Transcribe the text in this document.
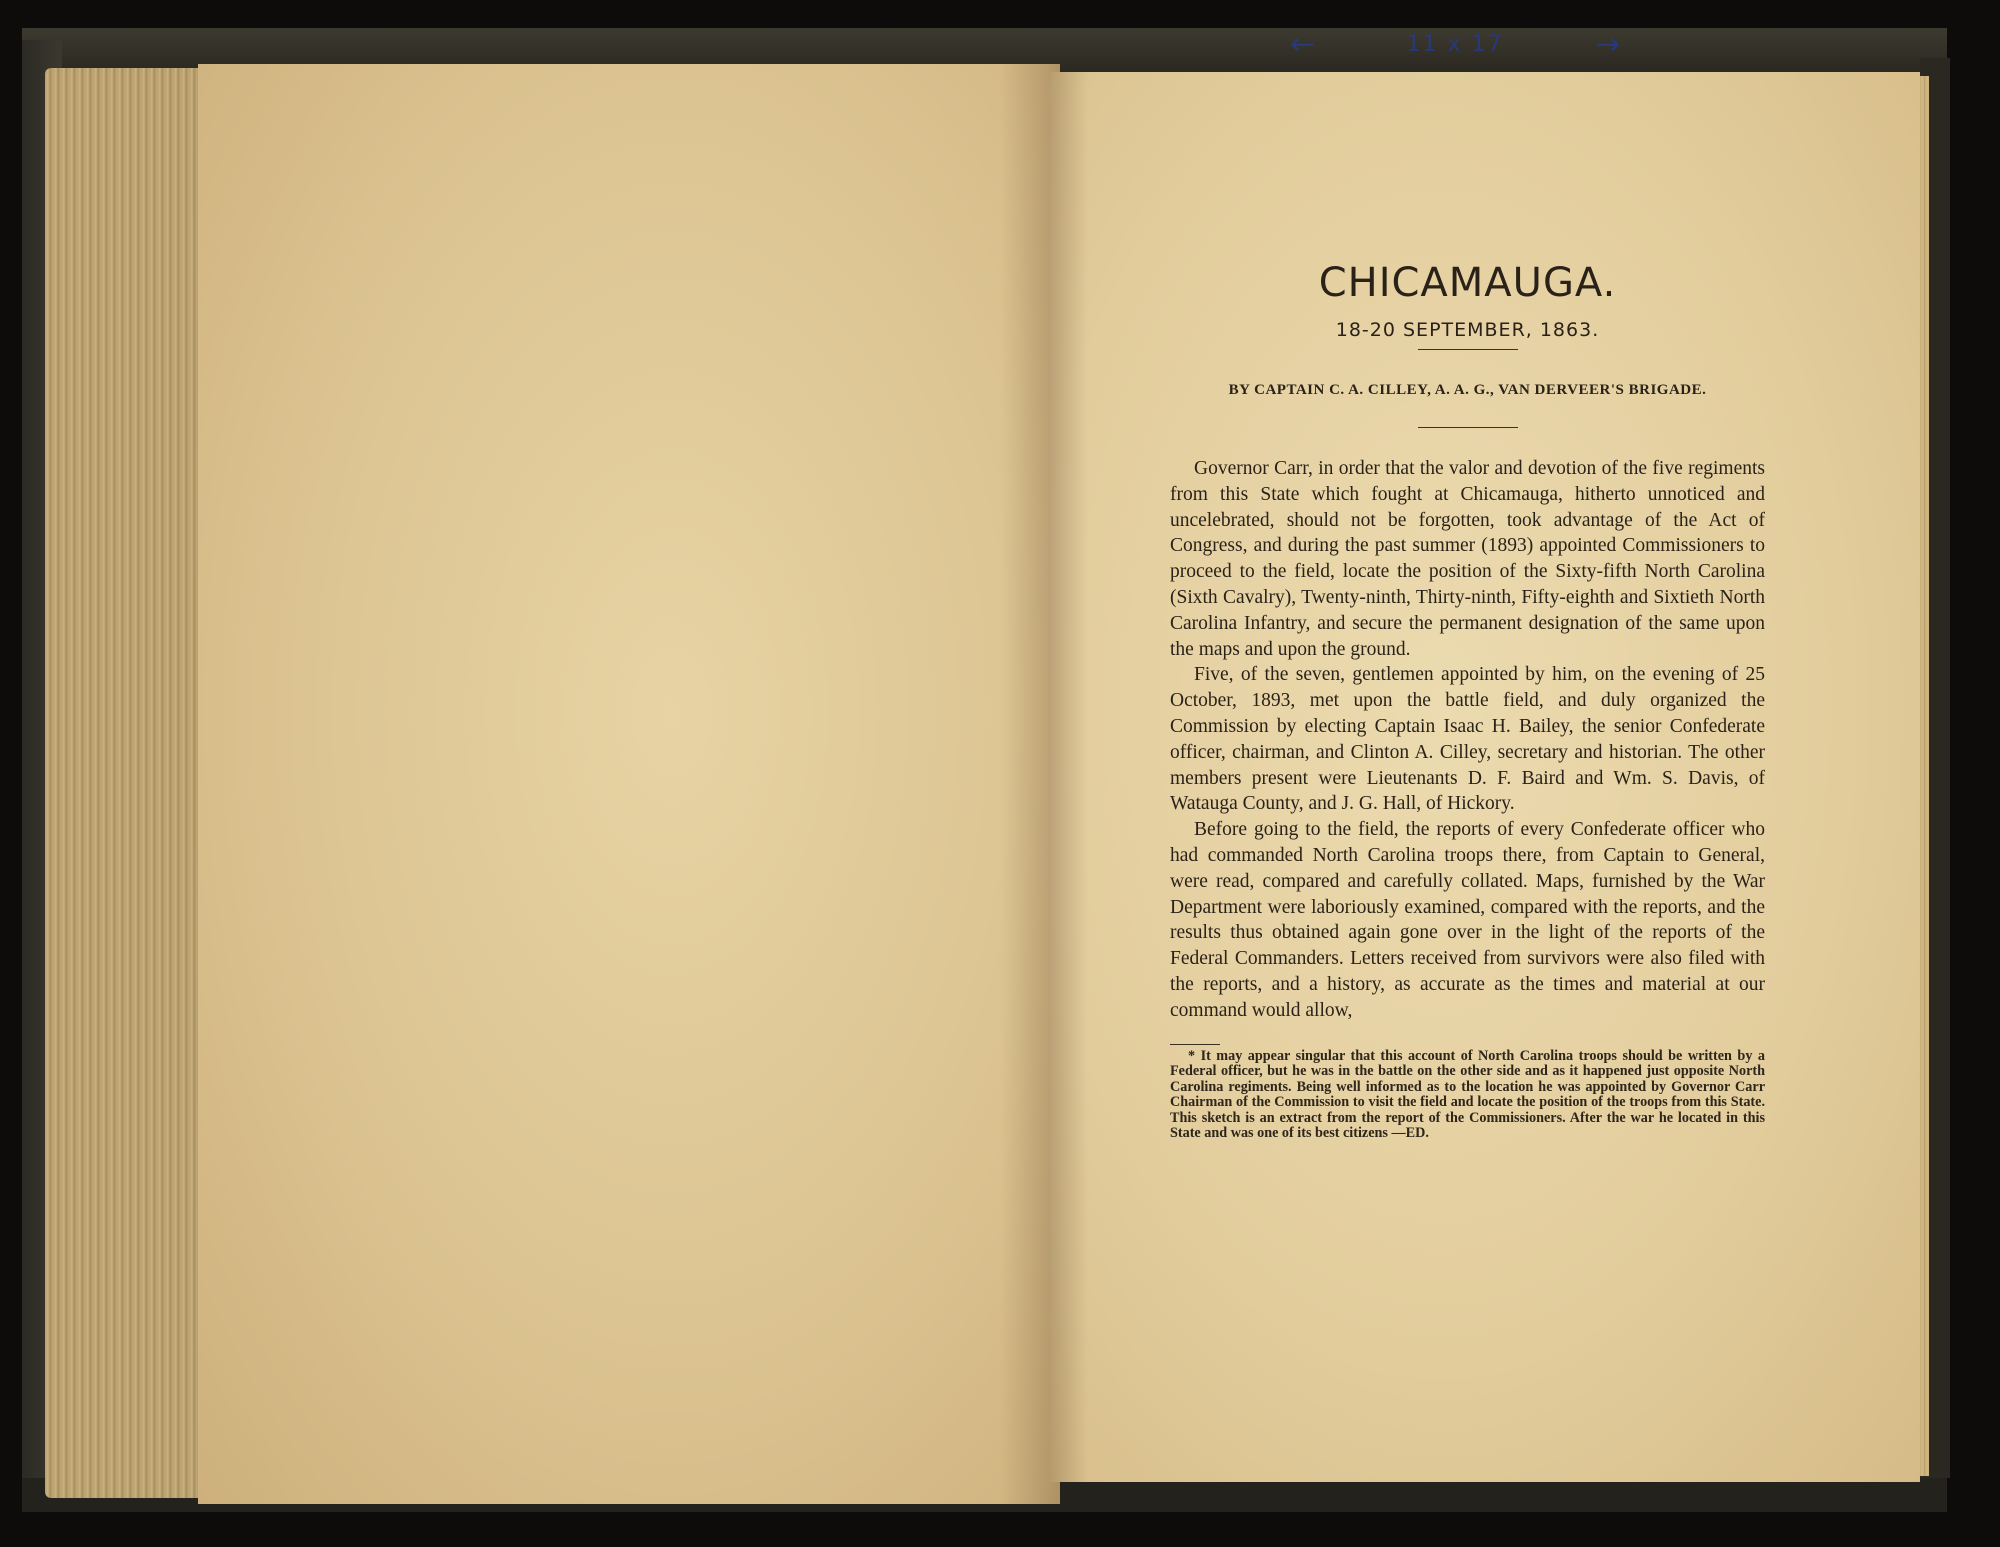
←	11 x 17	→
CHICAMAUGA.
18-20 SEPTEMBER, 1863.
BY CAPTAIN C. A. CILLEY, A. A. G., VAN DERVEER'S BRIGADE.

Governor Carr, in order that the valor and devotion of the five regiments from this State which fought at Chicamauga, hitherto unnoticed and uncelebrated, should not be forgotten, took advantage of the Act of Congress, and during the past summer (1893) appointed Commissioners to proceed to the field, locate the position of the Sixty-fifth North Carolina (Sixth Cavalry), Twenty-ninth, Thirty-ninth, Fifty-eighth and Sixtieth North Carolina Infantry, and secure the permanent designation of the same upon the maps and upon the ground.

Five, of the seven, gentlemen appointed by him, on the evening of 25 October, 1893, met upon the battle field, and duly organized the Commission by electing Captain Isaac H. Bailey, the senior Confederate officer, chairman, and Clinton A. Cilley, secretary and historian. The other members present were Lieutenants D. F. Baird and Wm. S. Davis, of Watauga County, and J. G. Hall, of Hickory.

Before going to the field, the reports of every Confederate officer who had commanded North Carolina troops there, from Captain to General, were read, compared and carefully collated. Maps, furnished by the War Department were laboriously examined, compared with the reports, and the results thus obtained again gone over in the light of the reports of the Federal Commanders. Letters received from survivors were also filed with the reports, and a history, as accurate as the times and material at our command would allow,

* It may appear singular that this account of North Carolina troops should be written by a Federal officer, but he was in the battle on the other side and as it happened just opposite North Carolina regiments. Being well informed as to the location he was appointed by Governor Carr Chairman of the Commission to visit the field and locate the position of the troops from this State. This sketch is an extract from the report of the Commissioners. After the war he located in this State and was one of its best citizens —ED.
